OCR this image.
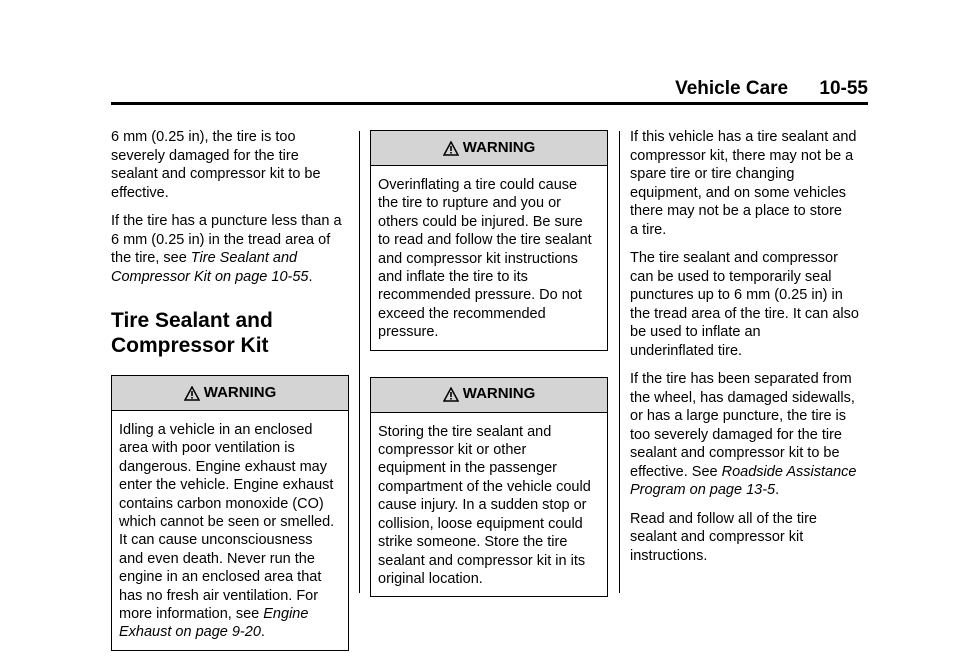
Vehicle Care 10-55

6 mm (0.25 in), the tire is too
severely damaged for the tire
sealant and compressor kit to be
effective.

If the tire has a puncture less than a
6 mm (0.25 in) in the tread area of
the tire, see Tire Sealant and
Compressor Kit on page 10-55.

Tire Sealant and
Compressor Kit
WARNING
Idling a vehicle in an enclosed
area with poor ventilation is
dangerous. Engine exhaust may
enter the vehicle. Engine exhaust
contains carbon monoxide (CO)
which cannot be seen or smelled.
It can cause unconsciousness
and even death. Never run the
engine in an enclosed area that
has no fresh air ventilation. For
more information, see Engine
Exhaust on page 9-20.
WARNING
Overinflating a tire could cause
the tire to rupture and you or
others could be injured. Be sure
to read and follow the tire sealant
and compressor kit instructions
and inflate the tire to its
recommended pressure. Do not
exceed the recommended
pressure.
WARNING
Storing the tire sealant and
compressor kit or other
equipment in the passenger
compartment of the vehicle could
cause injury. In a sudden stop or
collision, loose equipment could
strike someone. Store the tire
sealant and compressor kit in its
original location.

If this vehicle has a tire sealant and
compressor kit, there may not be a
spare tire or tire changing
equipment, and on some vehicles
there may not be a place to store
a tire.

The tire sealant and compressor
can be used to temporarily seal
punctures up to 6 mm (0.25 in) in
the tread area of the tire. It can also
be used to inflate an
underinflated tire.

If the tire has been separated from
the wheel, has damaged sidewalls,
or has a large puncture, the tire is
too severely damaged for the tire
sealant and compressor kit to be
effective. See Roadside Assistance
Program on page 13-5.

Read and follow all of the tire
sealant and compressor kit
instructions.
